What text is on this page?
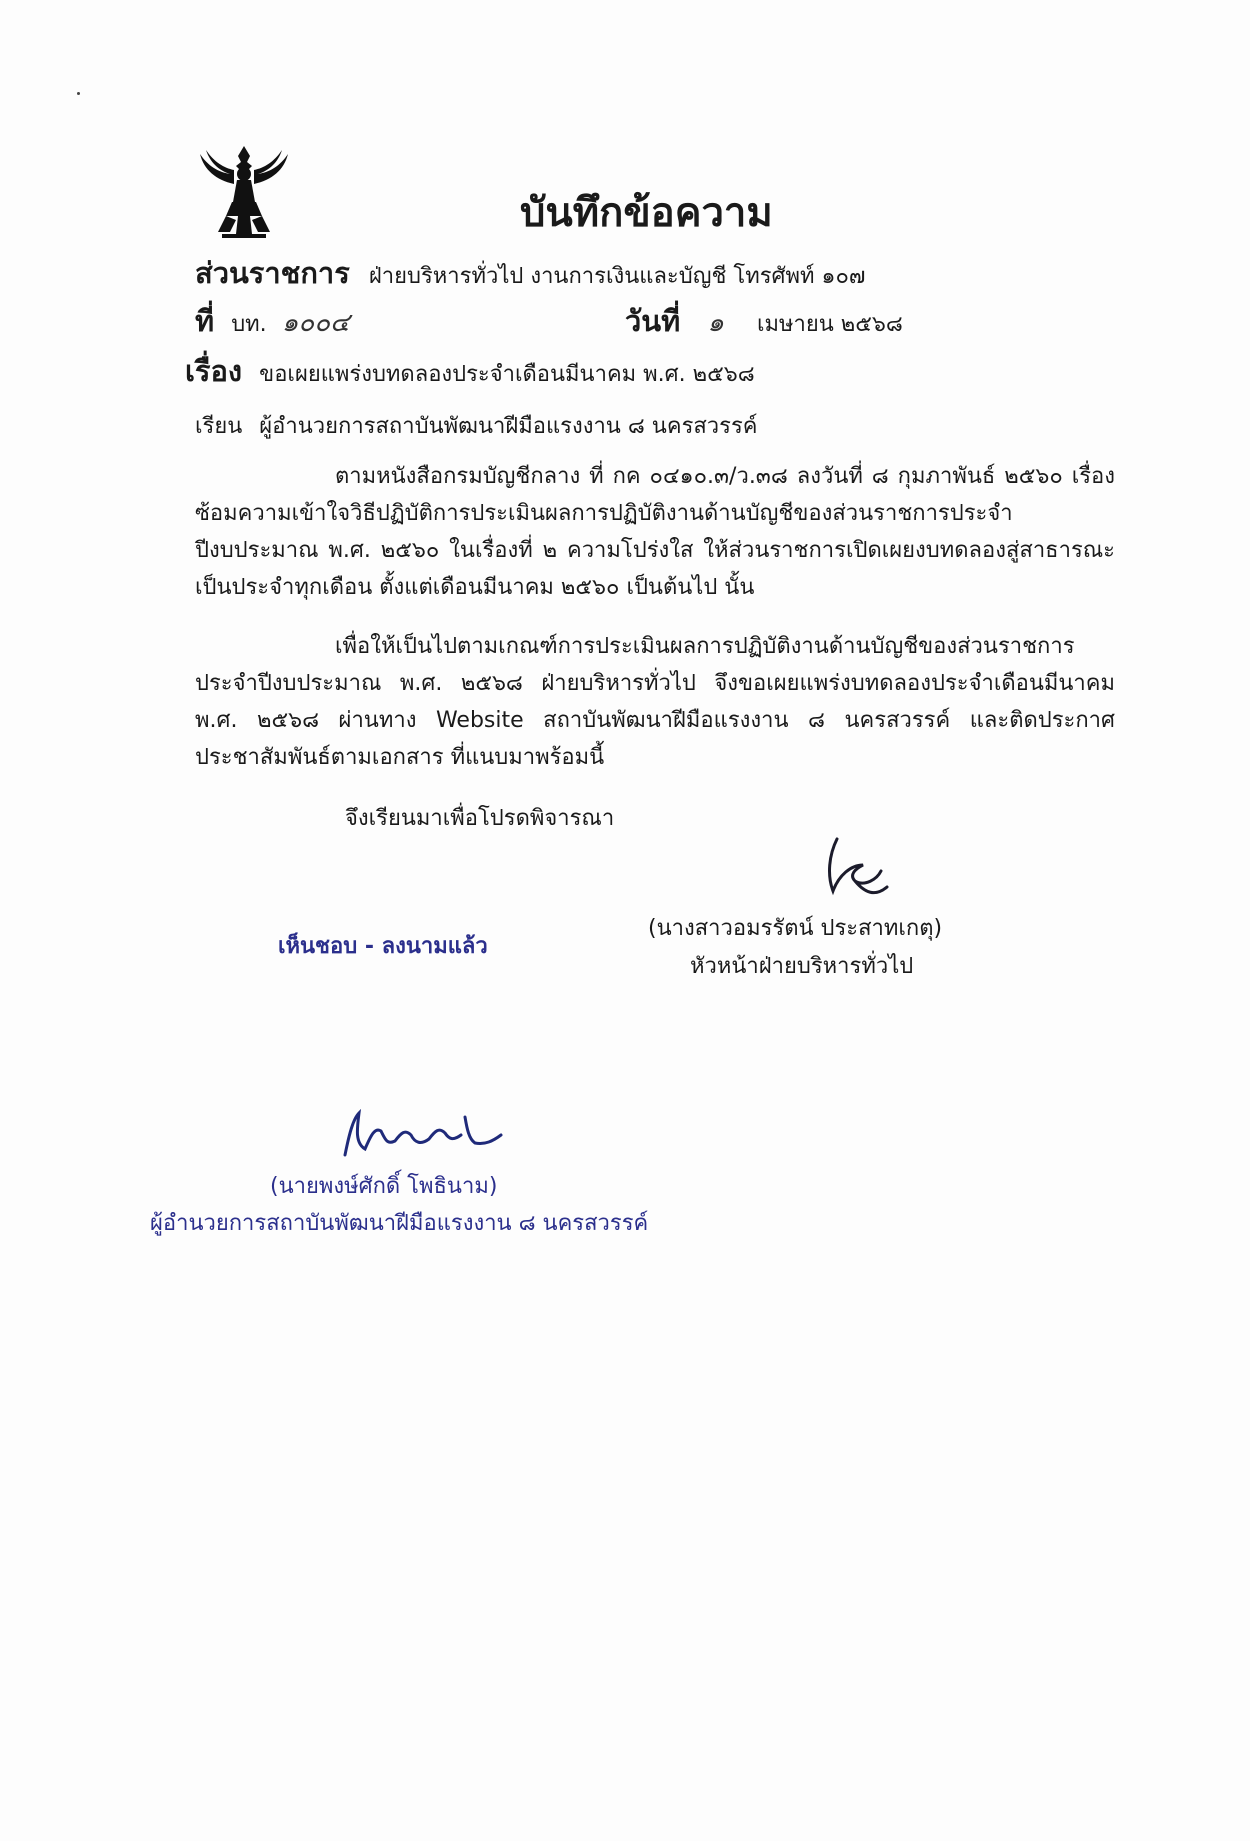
บันทึกข้อความ
ส่วนราชการ ฝ่ายบริหารทั่วไป งานการเงินและบัญชี โทรศัพท์ ๑๐๗
ที่ บท. ๑๐๐๔	วันที่ ๑ เมษายน ๒๕๖๘
เรื่อง ขอเผยแพร่งบทดลองประจำเดือนมีนาคม พ.ศ. ๒๕๖๘
เรียน ผู้อำนวยการสถาบันพัฒนาฝีมือแรงงาน ๘ นครสวรรค์
ตามหนังสือกรมบัญชีกลาง ที่ กค ๐๔๑๐.๓/ว.๓๘ ลงวันที่ ๘ กุมภาพันธ์ ๒๕๖๐ เรื่อง ซ้อมความเข้าใจวิธีปฏิบัติการประเมินผลการปฏิบัติงานด้านบัญชีของส่วนราชการประจำปีงบประมาณ พ.ศ. ๒๕๖๐ ในเรื่องที่ ๒ ความโปร่งใส ให้ส่วนราชการเปิดเผยงบทดลองสู่สาธารณะเป็นประจำทุกเดือน ตั้งแต่เดือนมีนาคม ๒๕๖๐ เป็นต้นไป นั้น
เพื่อให้เป็นไปตามเกณฑ์การประเมินผลการปฏิบัติงานด้านบัญชีของส่วนราชการประจำปีงบประมาณ พ.ศ. ๒๕๖๘ ฝ่ายบริหารทั่วไป จึงขอเผยแพร่งบทดลองประจำเดือนมีนาคม พ.ศ. ๒๕๖๘ ผ่านทาง Website สถาบันพัฒนาฝีมือแรงงาน ๘ นครสวรรค์ และติดประกาศประชาสัมพันธ์ตามเอกสาร ที่แนบมาพร้อมนี้
จึงเรียนมาเพื่อโปรดพิจารณา
(นางสาวอมรรัตน์ ประสาทเกตุ)
หัวหน้าฝ่ายบริหารทั่วไป
เห็นชอบ - ลงนามแล้ว
(นายพงษ์ศักดิ์ โพธินาม)
ผู้อำนวยการสถาบันพัฒนาฝีมือแรงงาน ๘ นครสวรรค์
